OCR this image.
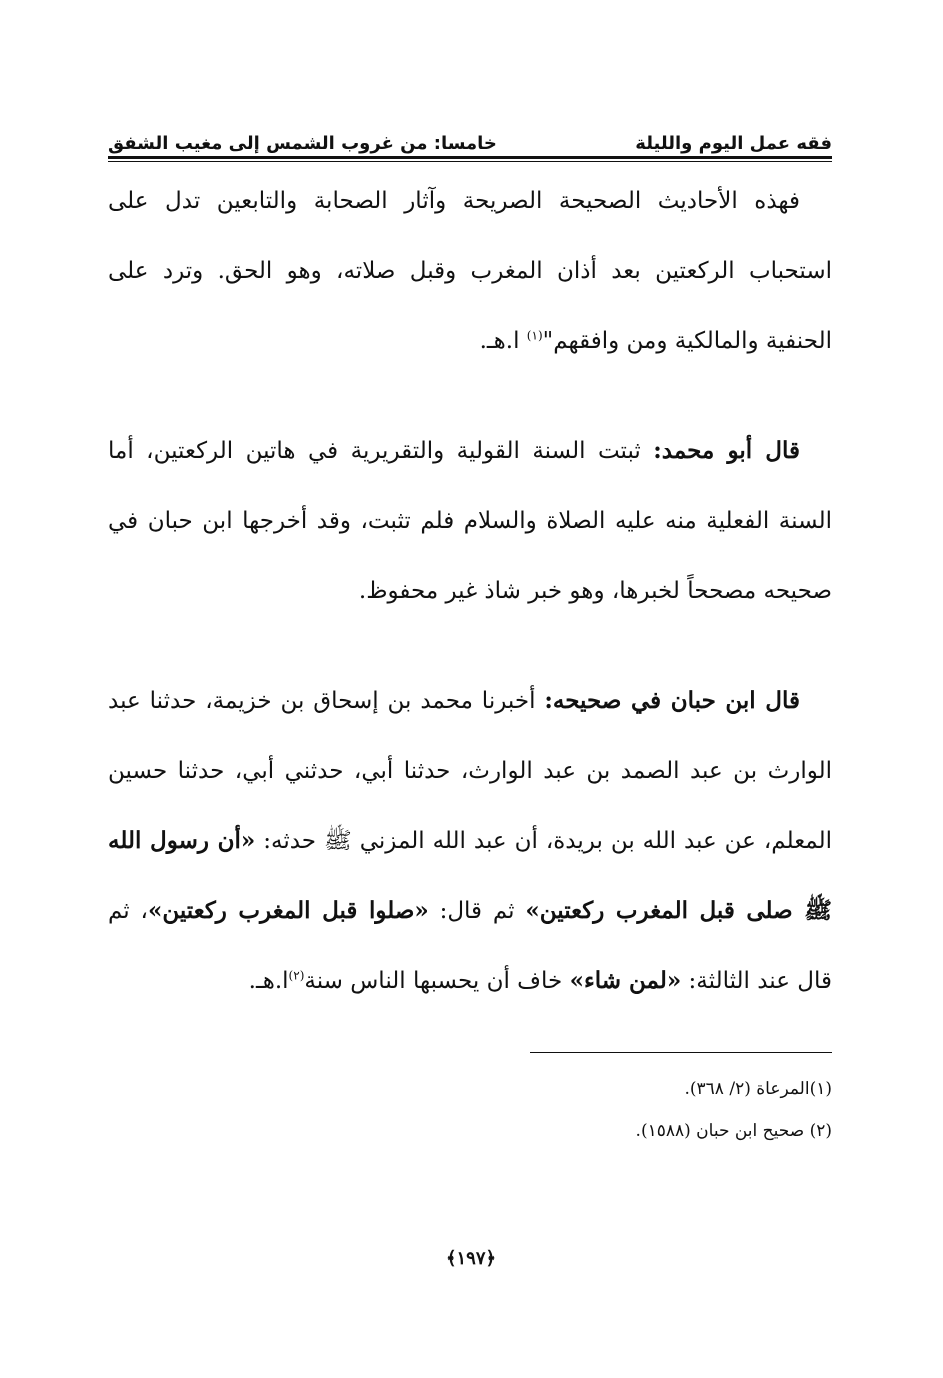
فقه عمل اليوم والليلة
خامسا: من غروب الشمس إلى مغيب الشفق

فهذه الأحاديث الصحيحة الصريحة وآثار الصحابة والتابعين تدل على استحباب الركعتين بعد أذان المغرب وقبل صلاته، وهو الحق. وترد على الحنفية والمالكية ومن وافقهم"$^{(١)}$ ا.هـ.

قال أبو محمد: ثبتت السنة القولية والتقريرية في هاتين الركعتين، أما السنة الفعلية منه عليه الصلاة والسلام فلم تثبت، وقد أخرجها ابن حبان في صحيحه مصححاً لخبرها، وهو خبر شاذ غير محفوظ.

قال ابن حبان في صحيحه: أخبرنا محمد بن إسحاق بن خزيمة، حدثنا عبد الوارث بن عبد الصمد بن عبد الوارث، حدثنا أبي، حدثني أبي، حدثنا حسين المعلم، عن عبد الله بن بريدة، أن عبد الله المزني ﷺ حدثه: «أن رسول الله ﷺ صلى قبل المغرب ركعتين» ثم قال: «صلوا قبل المغرب ركعتين»، ثم قال عند الثالثة: «لمن شاء» خاف أن يحسبها الناس سنة$^{(٢)}$ا.هـ.

(١)المرعاة (٢/ ٣٦٨).

(٢) صحيح ابن حبان (١٥٨٨).

﴿١٩٧﴾
